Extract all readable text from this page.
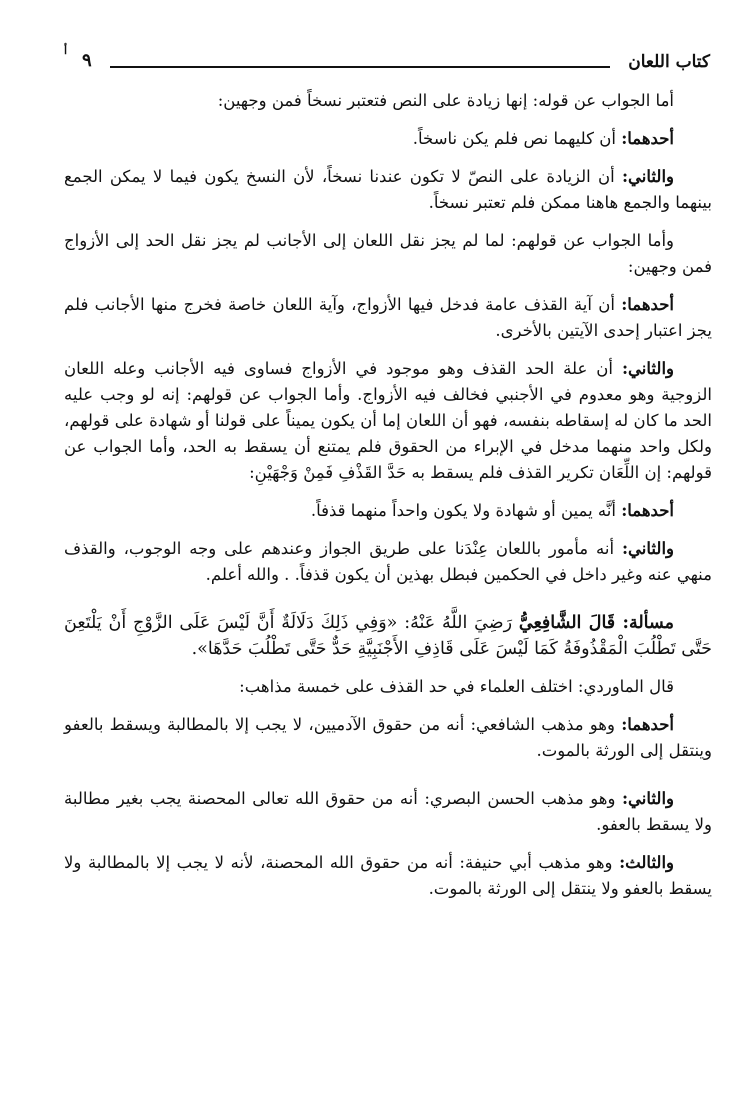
كتاب اللعان
٩
أ

أما الجواب عن قوله: إنها زيادة على النص فتعتبر نسخاً فمن وجهين:

أحدهما: أن كليهما نص فلم يكن ناسخاً.

والثاني: أن الزيادة على النصّ لا تكون عندنا نسخاً، لأن النسخ يكون فيما لا يمكن الجمع بينهما والجمع هاهنا ممكن فلم تعتبر نسخاً.

وأما الجواب عن قولهم: لما لم يجز نقل اللعان إلى الأجانب لم يجز نقل الحد إلى الأزواج فمن وجهين:

أحدهما: أن آية القذف عامة فدخل فيها الأزواج، وآية اللعان خاصة فخرج منها الأجانب فلم يجز اعتبار إحدى الآيتين بالأخرى.

والثاني: أن علة الحد القذف وهو موجود في الأزواج فساوى فيه الأجانب وعله اللعان الزوجية وهو معدوم في الأجنبي فخالف فيه الأزواج. وأما الجواب عن قولهم: إنه لو وجب عليه الحد ما كان له إسقاطه بنفسه، فهو أن اللعان إما أن يكون يميناً على قولنا أو شهادة على قولهم، ولكل واحد منهما مدخل في الإبراء من الحقوق فلم يمتنع أن يسقط به الحد، وأما الجواب عن قولهم: إن اللِّعَان تكرير القذف فلم يسقط به حَدَّ القَذْفِ فَمِنْ وَجْهَيْنِ:

أحدهما: أنَّه يمين أو شهادة ولا يكون واحداً منهما قذفاً.

والثاني: أنه مأمور باللعان عِنْدَنا على طريق الجواز وعندهم على وجه الوجوب، والقذف منهي عنه وغير داخل في الحكمين فبطل بهذين أن يكون قذفاً. . والله أعلم.

مسألة: قَالَ الشَّافِعِيُّ رَضِيَ اللَّهُ عَنْهُ: «وَفِي ذَلِكَ دَلَالَةٌ أَنَّ لَيْسَ عَلَى الزَّوْجِ أَنْ يَلْتَعِنَ حَتَّى تَطْلُبَ الْمَقْذُوفَةُ كَمَا لَيْسَ عَلَى قَاذِفِ الأَجْنَبِيَّةِ حَدٌّ حَتَّى تَطْلُبَ حَدَّهَا».

قال الماوردي: اختلف العلماء في حد القذف على خمسة مذاهب:

أحدهما: وهو مذهب الشافعي: أنه من حقوق الآدميين، لا يجب إلا بالمطالبة ويسقط بالعفو وينتقل إلى الورثة بالموت.

والثاني: وهو مذهب الحسن البصري: أنه من حقوق الله تعالى المحصنة يجب بغير مطالبة ولا يسقط بالعفو.

والثالث: وهو مذهب أبي حنيفة: أنه من حقوق الله المحصنة، لأنه لا يجب إلا بالمطالبة ولا يسقط بالعفو ولا ينتقل إلى الورثة بالموت.
